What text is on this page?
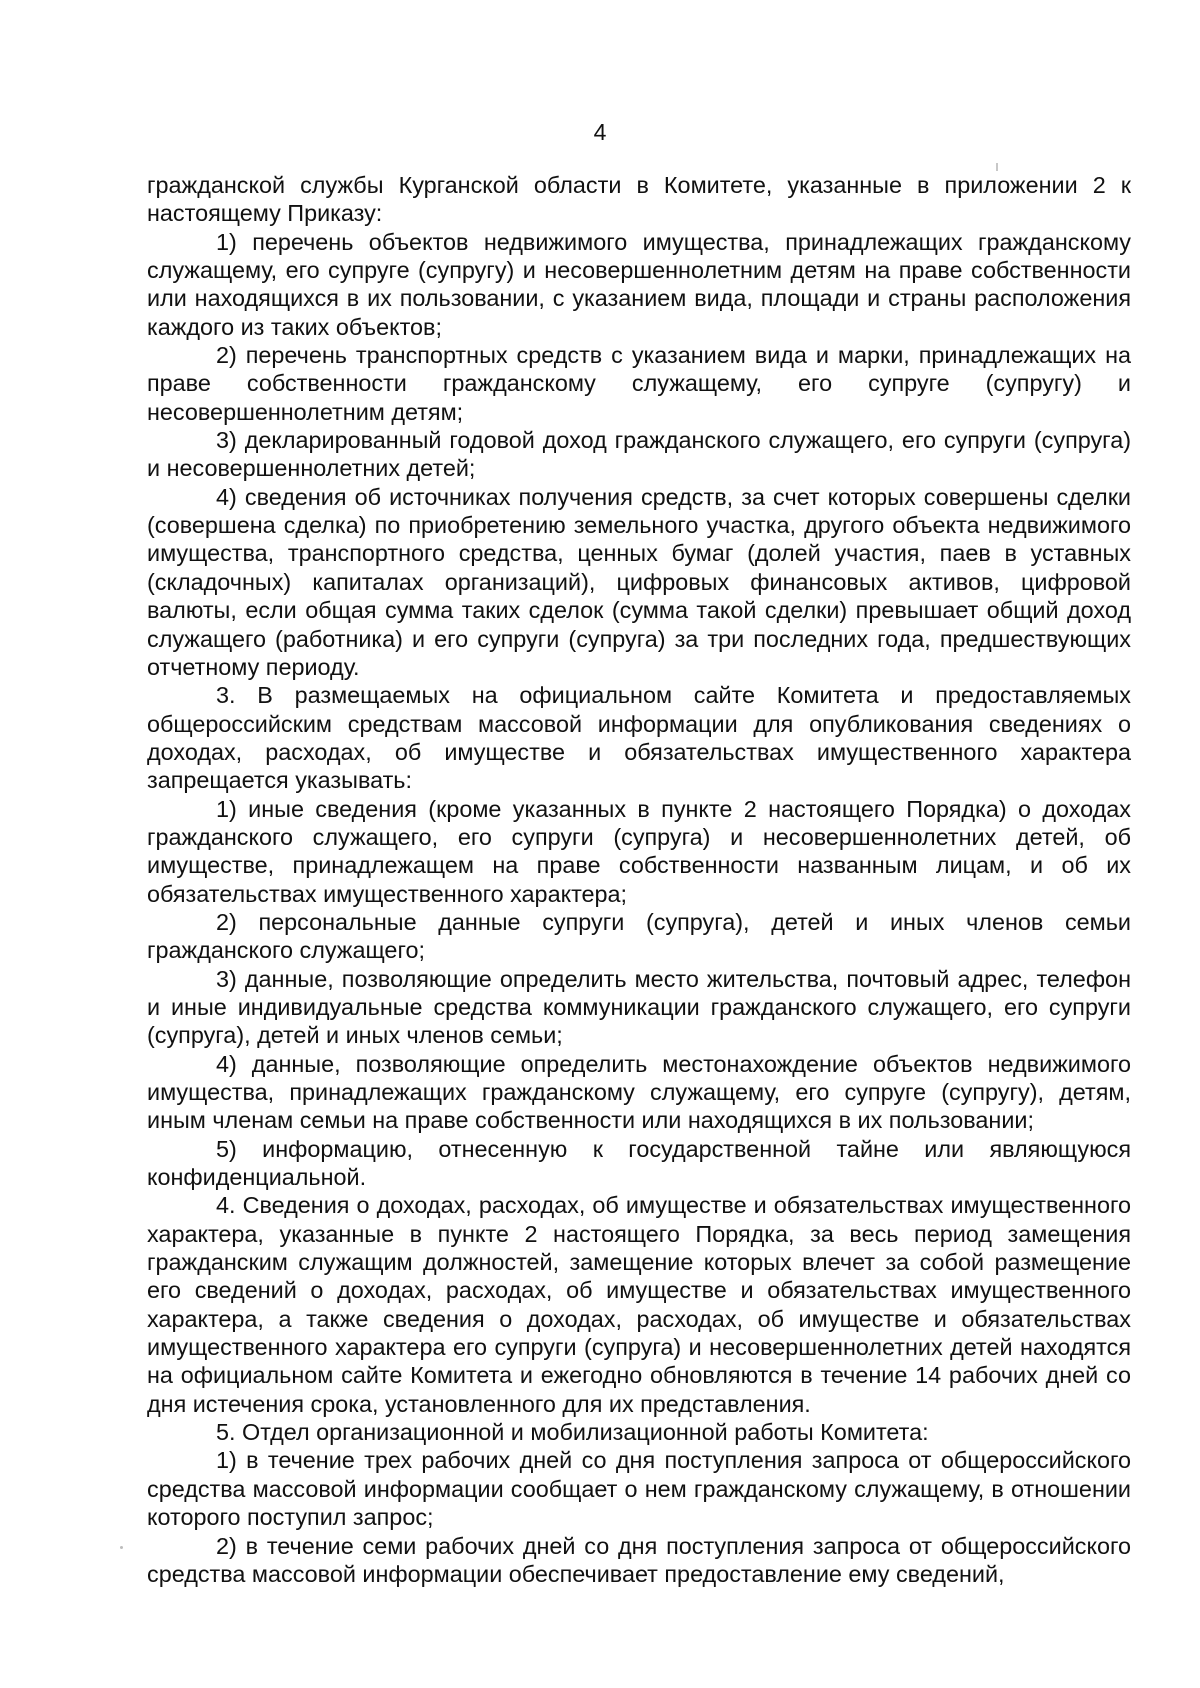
4

гражданской службы Курганской области в Комитете, указанные в приложении 2 к настоящему Приказу:

1) перечень объектов недвижимого имущества, принадлежащих гражданскому служащему, его супруге (супругу) и несовершеннолетним детям на праве собственности или находящихся в их пользовании, с указанием вида, площади и страны расположения каждого из таких объектов;

2) перечень транспортных средств с указанием вида и марки, принадлежащих на праве собственности гражданскому служащему, его супруге (супругу) и несовершеннолетним детям;

3) декларированный годовой доход гражданского служащего, его супруги (супруга) и несовершеннолетних детей;

4) сведения об источниках получения средств, за счет которых совершены сделки (совершена сделка) по приобретению земельного участка, другого объекта недвижимого имущества, транспортного средства, ценных бумаг (долей участия, паев в уставных (складочных) капиталах организаций), цифровых финансовых активов, цифровой валюты, если общая сумма таких сделок (сумма такой сделки) превышает общий доход служащего (работника) и его супруги (супруга) за три последних года, предшествующих отчетному периоду.

3. В размещаемых на официальном сайте Комитета и предоставляемых общероссийским средствам массовой информации для опубликования сведениях о доходах, расходах, об имуществе и обязательствах имущественного характера запрещается указывать:

1) иные сведения (кроме указанных в пункте 2 настоящего Порядка) о доходах гражданского служащего, его супруги (супруга) и несовершеннолетних детей, об имуществе, принадлежащем на праве собственности названным лицам, и об их обязательствах имущественного характера;

2) персональные данные супруги (супруга), детей и иных членов семьи гражданского служащего;

3) данные, позволяющие определить место жительства, почтовый адрес, телефон и иные индивидуальные средства коммуникации гражданского служащего, его супруги (супруга), детей и иных членов семьи;

4) данные, позволяющие определить местонахождение объектов недвижимого имущества, принадлежащих гражданскому служащему, его супруге (супругу), детям, иным членам семьи на праве собственности или находящихся в их пользовании;

5) информацию, отнесенную к государственной тайне или являющуюся конфиденциальной.

4. Сведения о доходах, расходах, об имуществе и обязательствах имущественного характера, указанные в пункте 2 настоящего Порядка, за весь период замещения гражданским служащим должностей, замещение которых влечет за собой размещение его сведений о доходах, расходах, об имуществе и обязательствах имущественного характера, а также сведения о доходах, расходах, об имуществе и обязательствах имущественного характера его супруги (супруга) и несовершеннолетних детей находятся на официальном сайте Комитета и ежегодно обновляются в течение 14 рабочих дней со дня истечения срока, установленного для их представления.

5. Отдел организационной и мобилизационной работы Комитета:

1) в течение трех рабочих дней со дня поступления запроса от общероссийского средства массовой информации сообщает о нем гражданскому служащему, в отношении которого поступил запрос;

2) в течение семи рабочих дней со дня поступления запроса от общероссийского средства массовой информации обеспечивает предоставление ему сведений,
